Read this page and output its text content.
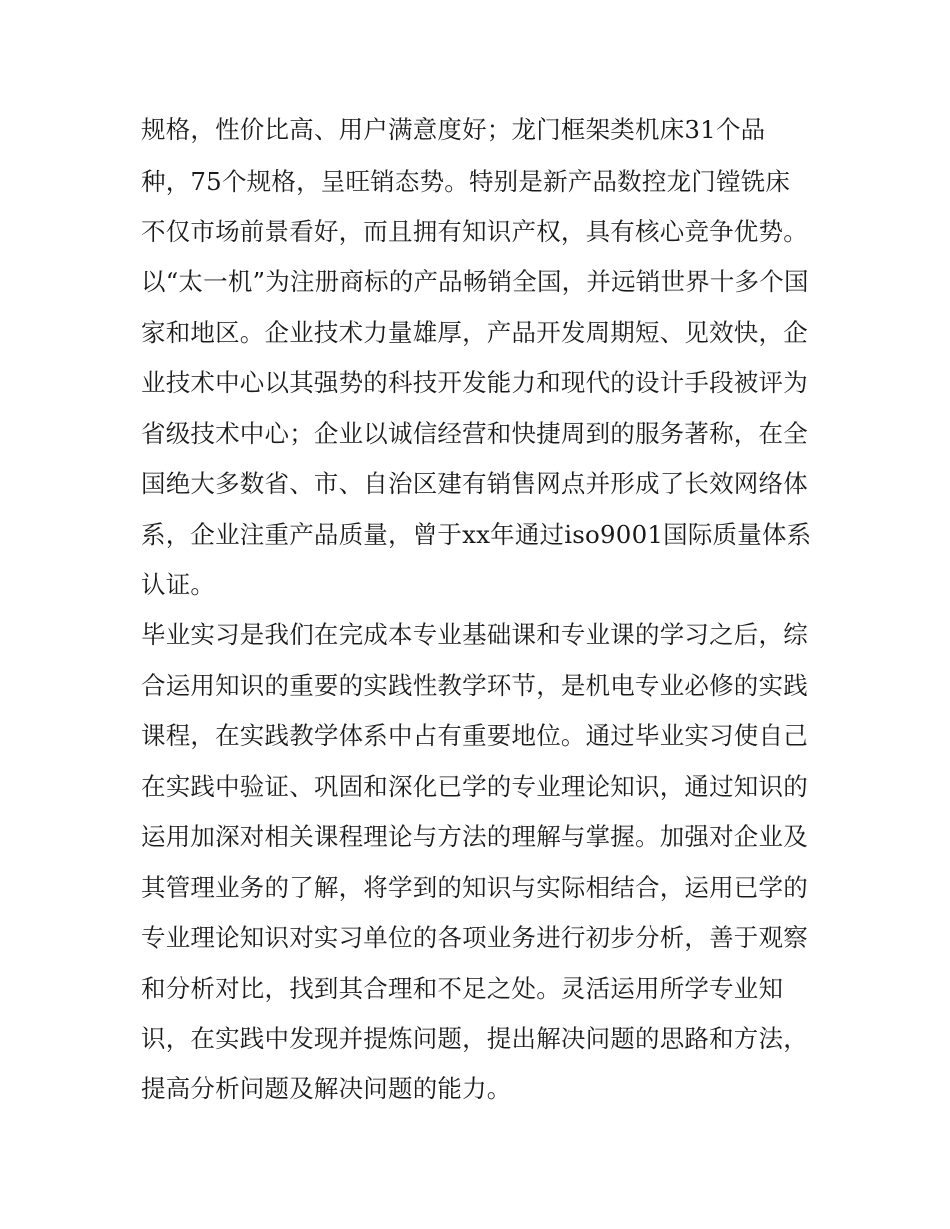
规格，性价比高、用户满意度好；龙门框架类机床31个品
种，75个规格，呈旺销态势。特别是新产品数控龙门镗铣床
不仅市场前景看好，而且拥有知识产权，具有核心竞争优势。
以“太一机”为注册商标的产品畅销全国，并远销世界十多个国
家和地区。企业技术力量雄厚，产品开发周期短、见效快，企
业技术中心以其强势的科技开发能力和现代的设计手段被评为
省级技术中心；企业以诚信经营和快捷周到的服务著称，在全
国绝大多数省、市、自治区建有销售网点并形成了长效网络体
系，企业注重产品质量，曾于xx年通过iso9001国际质量体系
认证。
毕业实习是我们在完成本专业基础课和专业课的学习之后，综
合运用知识的重要的实践性教学环节，是机电专业必修的实践
课程，在实践教学体系中占有重要地位。通过毕业实习使自己
在实践中验证、巩固和深化已学的专业理论知识，通过知识的
运用加深对相关课程理论与方法的理解与掌握。加强对企业及
其管理业务的了解，将学到的知识与实际相结合，运用已学的
专业理论知识对实习单位的各项业务进行初步分析，善于观察
和分析对比，找到其合理和不足之处。灵活运用所学专业知
识，在实践中发现并提炼问题，提出解决问题的思路和方法，
提高分析问题及解决问题的能力。
